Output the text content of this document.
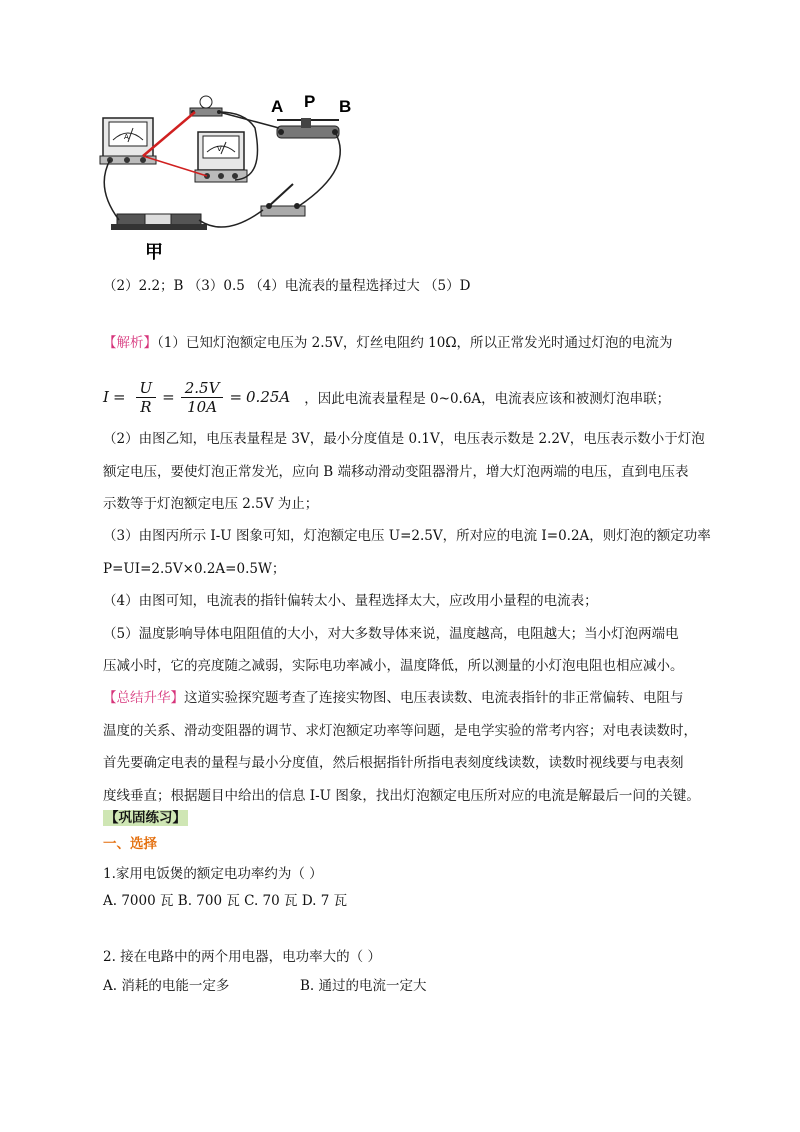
A
V
A P B
甲
（2）2.2；B （3）0.5 （4）电流表的量程选择过大 （5）D
【解析】（1）已知灯泡额定电压为 2.5V，灯丝电阻约 10Ω，所以正常发光时通过灯泡的电流为
$I = \frac{U}{R} = \frac{2.5V}{10A} = 0.25A$ ，因此电流表量程是 0~0.6A，电流表应该和被测灯泡串联；
（2）由图乙知，电压表量程是 3V，最小分度值是 0.1V，电压表示数是 2.2V，电压表示数小于灯泡
额定电压，要使灯泡正常发光，应向 B 端移动滑动变阻器滑片，增大灯泡两端的电压，直到电压表
示数等于灯泡额定电压 2.5V 为止；
（3）由图丙所示 I-U 图象可知，灯泡额定电压 U=2.5V，所对应的电流 I=0.2A，则灯泡的额定功率
P=UI=2.5V×0.2A=0.5W；
（4）由图可知，电流表的指针偏转太小、量程选择太大，应改用小量程的电流表；
（5）温度影响导体电阻阻值的大小，对大多数导体来说，温度越高，电阻越大；当小灯泡两端电
压减小时，它的亮度随之减弱，实际电功率减小，温度降低，所以测量的小灯泡电阻也相应减小。
【总结升华】这道实验探究题考查了连接实物图、电压表读数、电流表指针的非正常偏转、电阻与
温度的关系、滑动变阻器的调节、求灯泡额定功率等问题，是电学实验的常考内容；对电表读数时，
首先要确定电表的量程与最小分度值，然后根据指针所指电表刻度线读数，读数时视线要与电表刻
度线垂直；根据题目中给出的信息 I-U 图象，找出灯泡额定电压所对应的电流是解最后一问的关键。
【巩固练习】
一、选择
1.家用电饭煲的额定电功率约为（ ）
A. 7000 瓦 B. 700 瓦 C. 70 瓦 D. 7 瓦
2. 接在电路中的两个用电器，电功率大的（ ）
A. 消耗的电能一定多	B. 通过的电流一定大
